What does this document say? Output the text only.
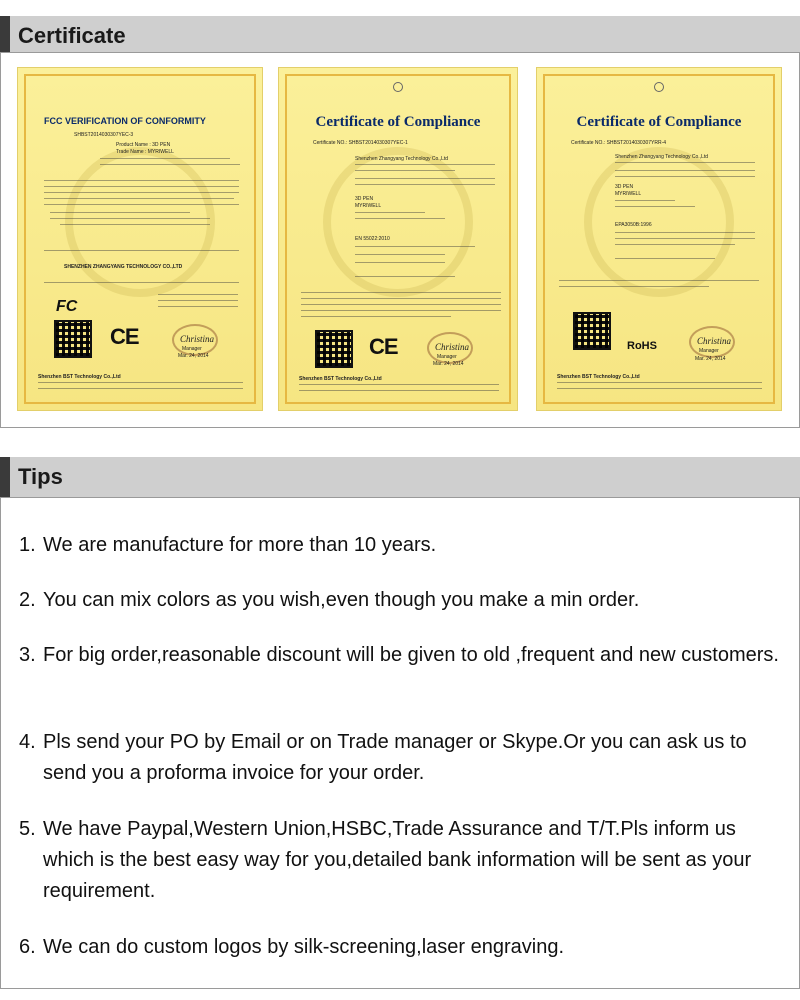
Certificate
FCC VERIFICATION OF CONFORMITY
SHBST2014030307YEC-3
Product Name : 3D PEN
Trade Name : MYRIWELL
SHENZHEN ZHANGYANG TECHNOLOGY CO.,LTD
FC
CE	Christina
Manager
Mar. 24, 2014
Shenzhen BST Technology Co.,Ltd
Certificate of Compliance
Certificate NO.: SHBST2014030307YEC-1
Shenzhen Zhangyang Technology Co.,Ltd
3D PEN
MYRIWELL
EN 55022:2010
CE	Christina
Manager
Mar. 24, 2014
Shenzhen BST Technology Co.,Ltd
Certificate of Compliance
Certificate NO.: SHBST2014030307YRR-4
Shenzhen Zhangyang Technology Co.,Ltd
3D PEN
MYRIWELL
EPA3050B:1996
RoHS	Christina
Manager
Mar. 24, 2014
Shenzhen BST Technology Co.,Ltd
Tips
1. We are manufacture for more than 10 years.
2. You can mix colors as you wish,even though you make a min order.
3. For big order,reasonable discount will be given to old ,frequent and new customers.
4. Pls send your PO by Email or on Trade manager or Skype.Or you can ask us to send you a proforma invoice for your order.
5. We have Paypal,Western Union,HSBC,Trade Assurance and T/T.Pls inform us which is the best easy way for you,detailed bank information will be sent as your requirement.
6. We can do custom logos by silk-screening,laser engraving.
